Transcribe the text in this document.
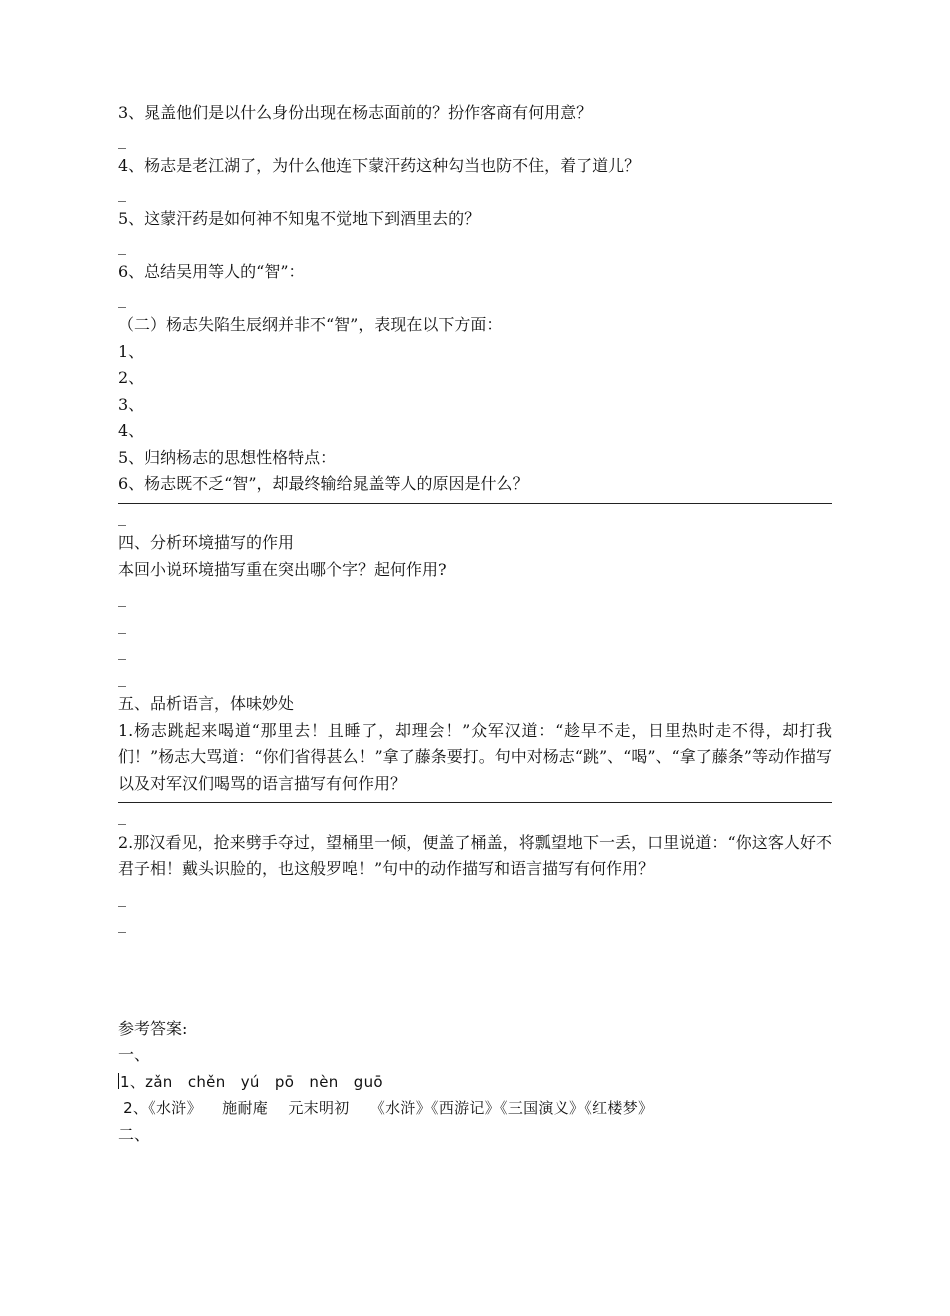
3、晁盖他们是以什么身份出现在杨志面前的？扮作客商有何用意？
_
4、杨志是老江湖了，为什么他连下蒙汗药这种勾当也防不住，着了道儿？
_
5、这蒙汗药是如何神不知鬼不觉地下到酒里去的？
_
6、总结吴用等人的“智”：
_
（二）杨志失陷生辰纲并非不“智”，表现在以下方面：
1、
2、
3、
4、
5、归纳杨志的思想性格特点：
6、杨志既不乏“智”，却最终输给晁盖等人的原因是什么？
_
四、分析环境描写的作用
本回小说环境描写重在突出哪个字？起何作用?
_
_
_
_
五、品析语言，体味妙处
1.杨志跳起来喝道“那里去！且睡了，却理会！”众军汉道：“趁早不走，日里热时走不得，却打我们！”杨志大骂道：“你们省得甚么！”拿了藤条要打。句中对杨志“跳”、“喝”、“拿了藤条”等动作描写以及对军汉们喝骂的语言描写有何作用？
_
2.那汉看见，抢来劈手夺过，望桶里一倾，便盖了桶盖，将瓢望地下一丢，口里说道：“你这客人好不君子相！戴头识脸的，也这般罗唣！”句中的动作描写和语言描写有何作用？
_
_
参考答案:
一、
1、zǎn   chěn   yú   pō   nèn   guō
2、《水浒》    施耐庵    元末明初    《水浒》《西游记》《三国演义》《红楼梦》
二、
